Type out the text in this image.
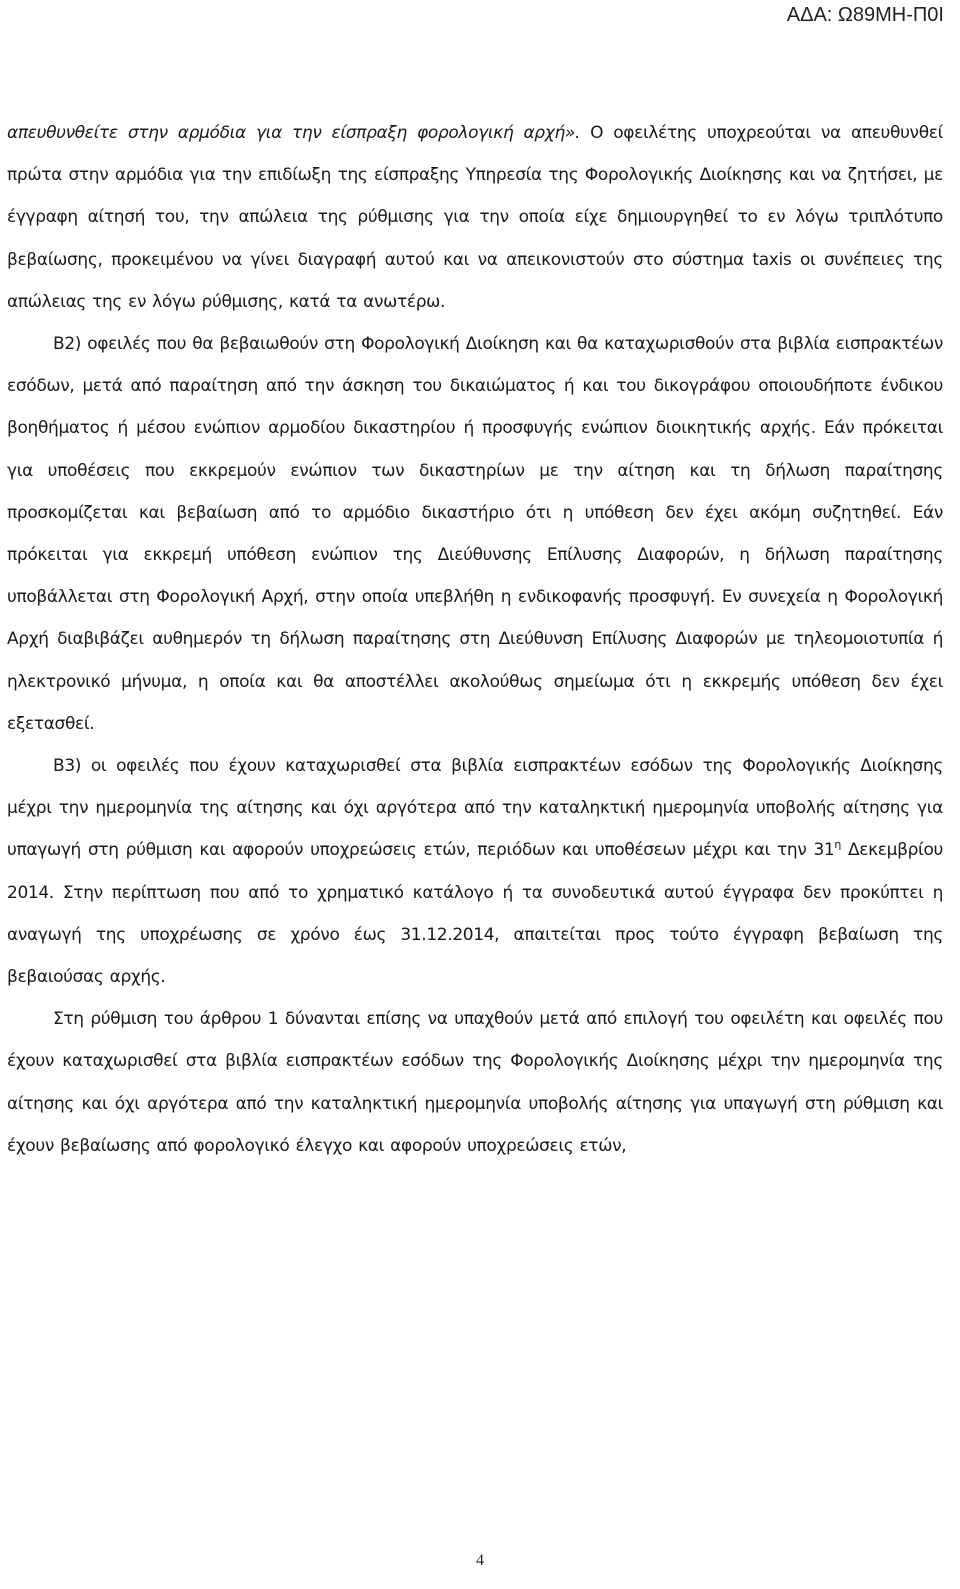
ΑΔΑ: Ω89ΜΗ-Π0Ι

απευθυνθείτε στην αρμόδια για την είσπραξη φορολογική αρχή». Ο οφειλέτης υποχρεούται να απευθυνθεί πρώτα στην αρμόδια για την επιδίωξη της είσπραξης Υπηρεσία της Φορολογικής Διοίκησης και να ζητήσει, με έγγραφη αίτησή του, την απώλεια της ρύθμισης για την οποία είχε δημιουργηθεί το εν λόγω τριπλότυπο βεβαίωσης, προκειμένου να γίνει διαγραφή αυτού και να απεικονιστούν στο σύστημα taxis οι συνέπειες της απώλειας της εν λόγω ρύθμισης, κατά τα ανωτέρω.

Β2) οφειλές που θα βεβαιωθούν στη Φορολογική Διοίκηση και θα καταχωρισθούν στα βιβλία εισπρακτέων εσόδων, μετά από παραίτηση από την άσκηση του δικαιώματος ή και του δικογράφου οποιουδήποτε ένδικου βοηθήματος ή μέσου ενώπιον αρμοδίου δικαστηρίου ή προσφυγής ενώπιον διοικητικής αρχής. Εάν πρόκειται για υποθέσεις που εκκρεμούν ενώπιον των δικαστηρίων με την αίτηση και τη δήλωση παραίτησης προσκομίζεται και βεβαίωση από το αρμόδιο δικαστήριο ότι η υπόθεση δεν έχει ακόμη συζητηθεί. Εάν πρόκειται για εκκρεμή υπόθεση ενώπιον της Διεύθυνσης Επίλυσης Διαφορών, η δήλωση παραίτησης υποβάλλεται στη Φορολογική Αρχή, στην οποία υπεβλήθη η ενδικοφανής προσφυγή. Εν συνεχεία η Φορολογική Αρχή διαβιβάζει αυθημερόν τη δήλωση παραίτησης στη Διεύθυνση Επίλυσης Διαφορών με τηλεομοιοτυπία ή ηλεκτρονικό μήνυμα, η οποία και θα αποστέλλει ακολούθως σημείωμα ότι η εκκρεμής υπόθεση δεν έχει εξετασθεί.

Β3) οι οφειλές που έχουν καταχωρισθεί στα βιβλία εισπρακτέων εσόδων της Φορολογικής Διοίκησης μέχρι την ημερομηνία της αίτησης και όχι αργότερα από την καταληκτική ημερομηνία υποβολής αίτησης για υπαγωγή στη ρύθμιση και αφορούν υποχρεώσεις ετών, περιόδων και υποθέσεων μέχρι και την $31^\eta$ Δεκεμβρίου 2014. Στην περίπτωση που από το χρηματικό κατάλογο ή τα συνοδευτικά αυτού έγγραφα δεν προκύπτει η αναγωγή της υποχρέωσης σε χρόνο έως 31.12.2014, απαιτείται προς τούτο έγγραφη βεβαίωση της βεβαιούσας αρχής.

Στη ρύθμιση του άρθρου 1 δύνανται επίσης να υπαχθούν μετά από επιλογή του οφειλέτη και οφειλές που έχουν καταχωρισθεί στα βιβλία εισπρακτέων εσόδων της Φορολογικής Διοίκησης μέχρι την ημερομηνία της αίτησης και όχι αργότερα από την καταληκτική ημερομηνία υποβολής αίτησης για υπαγωγή στη ρύθμιση και έχουν βεβαίωσης από φορολογικό έλεγχο και αφορούν υποχρεώσεις ετών,

4
